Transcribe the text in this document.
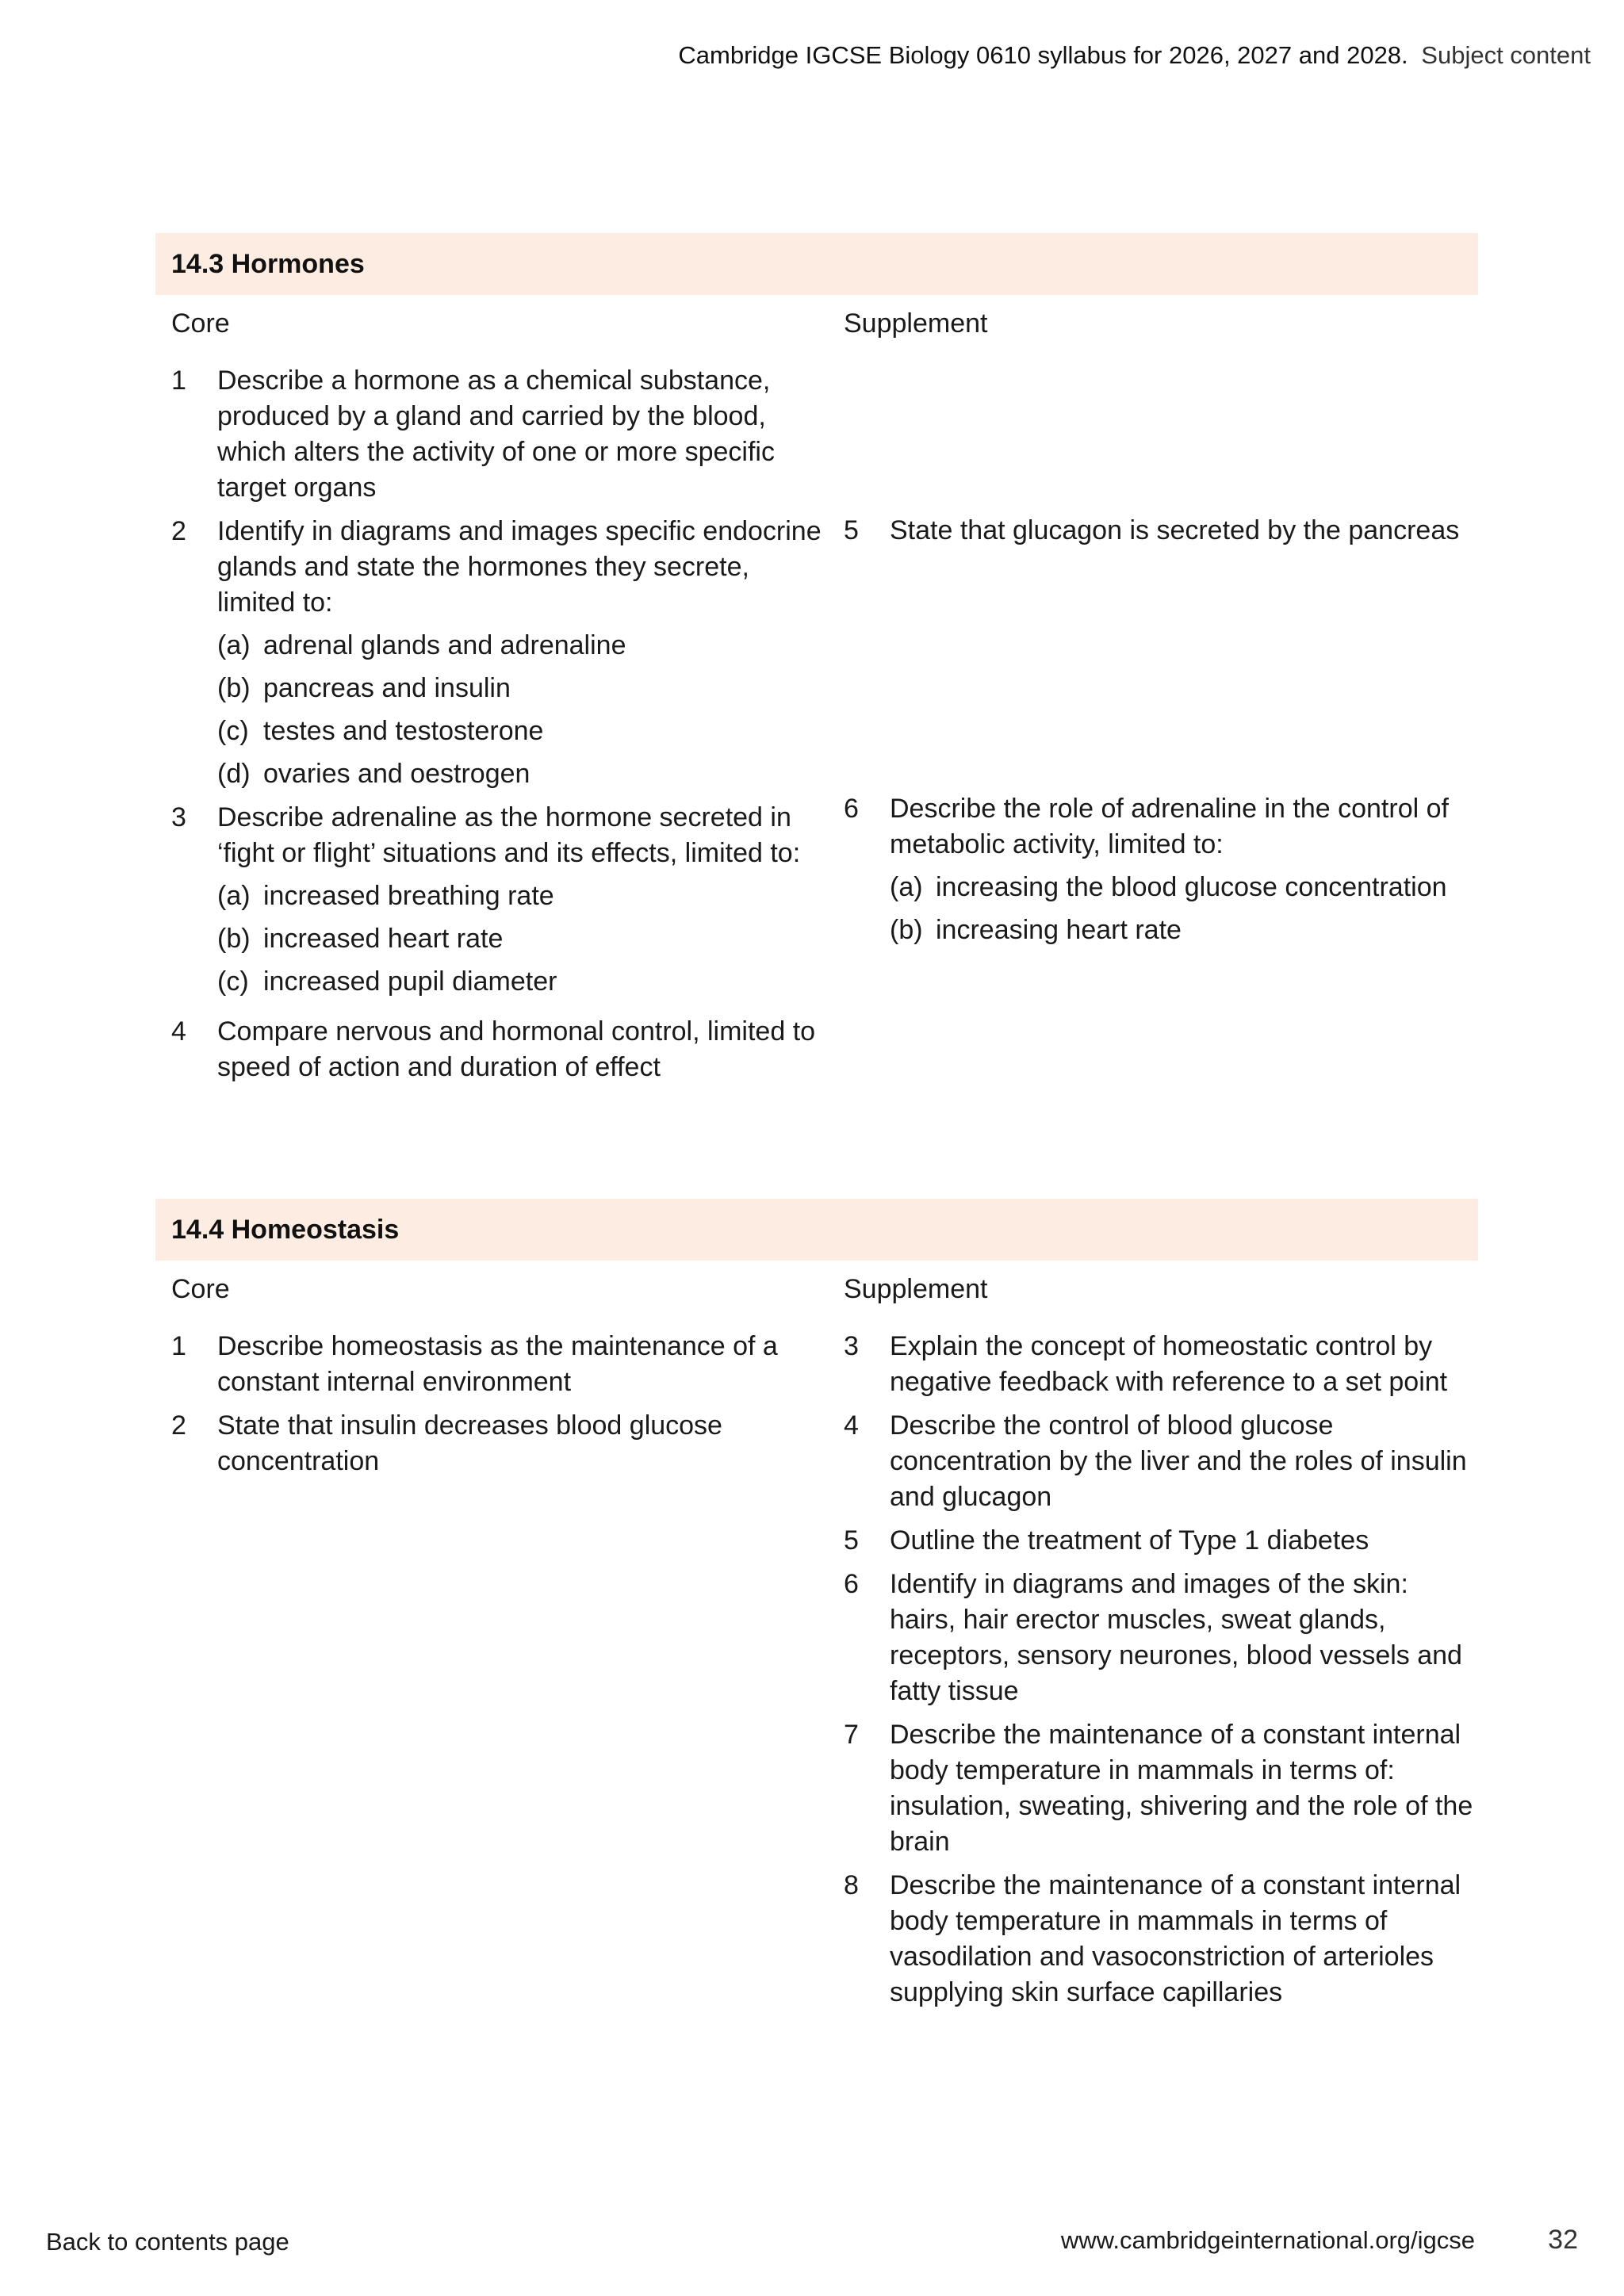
Cambridge IGCSE Biology 0610 syllabus for 2026, 2027 and 2028. Subject content
14.3 Hormones
Core
1 Describe a hormone as a chemical substance, produced by a gland and carried by the blood, which alters the activity of one or more specific target organs
2 Identify in diagrams and images specific endocrine glands and state the hormones they secrete, limited to:
(a) adrenal glands and adrenaline
(b) pancreas and insulin
(c) testes and testosterone
(d) ovaries and oestrogen
3 Describe adrenaline as the hormone secreted in ‘fight or flight’ situations and its effects, limited to:
(a) increased breathing rate
(b) increased heart rate
(c) increased pupil diameter
4 Compare nervous and hormonal control, limited to speed of action and duration of effect
Supplement
5 State that glucagon is secreted by the pancreas
6 Describe the role of adrenaline in the control of metabolic activity, limited to:
(a) increasing the blood glucose concentration
(b) increasing heart rate
14.4 Homeostasis
Core
1 Describe homeostasis as the maintenance of a constant internal environment
2 State that insulin decreases blood glucose concentration
Supplement
3 Explain the concept of homeostatic control by negative feedback with reference to a set point
4 Describe the control of blood glucose concentration by the liver and the roles of insulin and glucagon
5 Outline the treatment of Type 1 diabetes
6 Identify in diagrams and images of the skin: hairs, hair erector muscles, sweat glands, receptors, sensory neurones, blood vessels and fatty tissue
7 Describe the maintenance of a constant internal body temperature in mammals in terms of: insulation, sweating, shivering and the role of the brain
8 Describe the maintenance of a constant internal body temperature in mammals in terms of vasodilation and vasoconstriction of arterioles supplying skin surface capillaries
Back to contents page	www.cambridgeinternational.org/igcse	32
